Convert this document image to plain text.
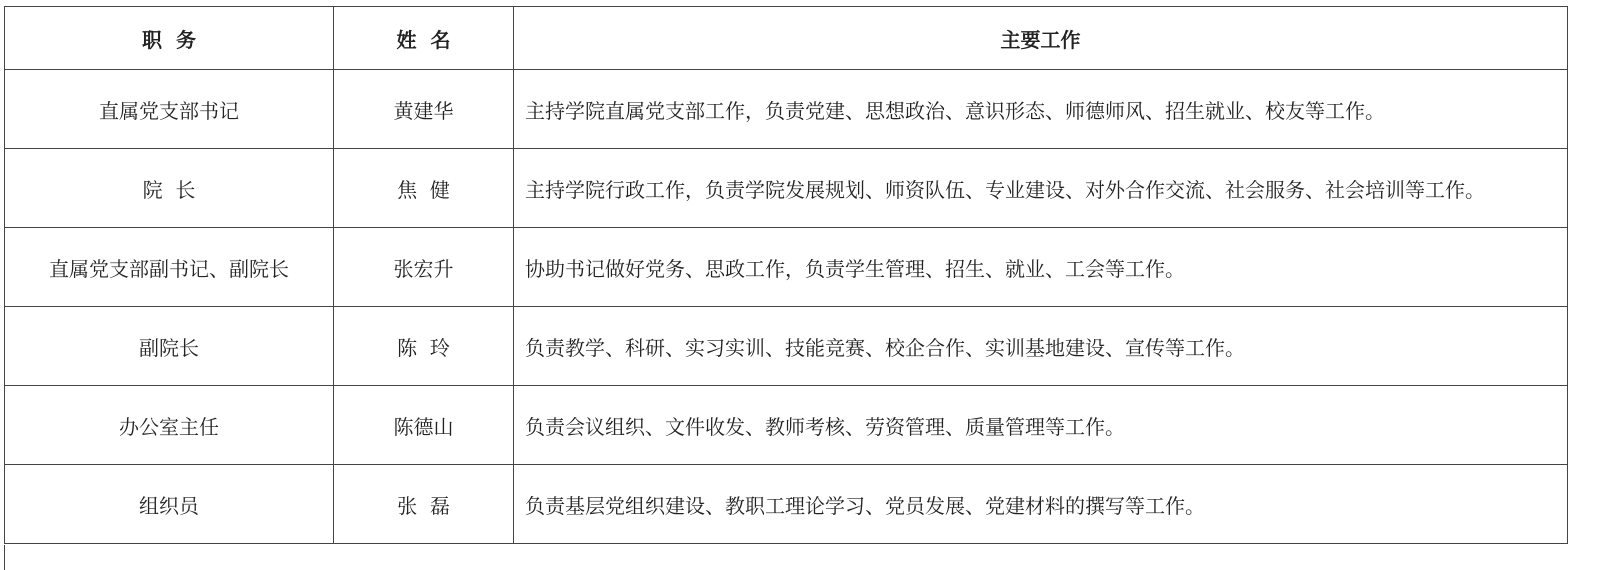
职  务	姓  名	主要工作
直属党支部书记	黄建华	主持学院直属党支部工作，负责党建、思想政治、意识形态、师德师风、招生就业、校友等工作。
院  长	焦  健	主持学院行政工作，负责学院发展规划、师资队伍、专业建设、对外合作交流、社会服务、社会培训等工作。
直属党支部副书记、副院长	张宏升	协助书记做好党务、思政工作，负责学生管理、招生、就业、工会等工作。
副院长	陈  玲	负责教学、科研、实习实训、技能竞赛、校企合作、实训基地建设、宣传等工作。
办公室主任	陈德山	负责会议组织、文件收发、教师考核、劳资管理、质量管理等工作。
组织员	张  磊	负责基层党组织建设、教职工理论学习、党员发展、党建材料的撰写等工作。
